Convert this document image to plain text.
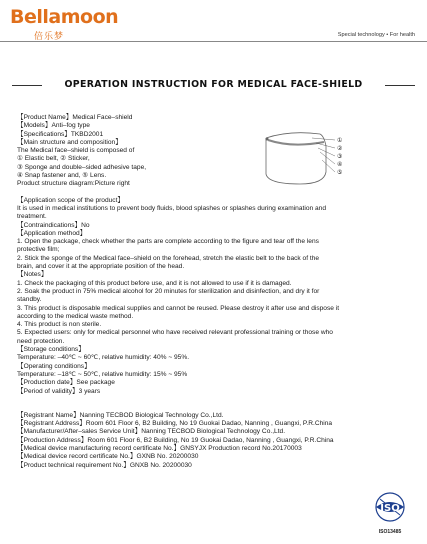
Bellamoon
倍乐梦	Special technology • For health
OPERATION INSTRUCTION FOR MEDICAL FACE-SHIELD
【Product Name】Medical Face–shield
【Models】Anti–fog type
【Specifications】TKBD2001
【Main structure and composition】
The Medical face–shield is composed of
① Elastic belt, ② Sticker,
③ Sponge and double–sided adhesive tape,
④ Snap fastener and, ⑤ Lens.
Product structure diagram:Picture right
【Application scope of the product】
It is used in medical institutions to prevent body fluids, blood splashes or splashes during examination and
treatment.
【Contraindications】No
【Application method】
1. Open the package, check whether the parts are complete according to the figure and tear off the lens
protective film;
2. Stick the sponge of the Medical face–shield on the forehead, stretch the elastic belt to the back of the
brain, and cover it at the appropriate position of the head.
【Notes】
1. Check the packaging of this product before use, and it is not allowed to use if it is damaged.
2. Soak the product in 75% medical alcohol for 20 minutes for sterilization and disinfection, and dry it for
standby.
3. This product is disposable medical supplies and cannot be reused. Please destroy it after use and dispose it
according to the medical waste method.
4. This product is non sterile.
5. Expected users: only for medical personnel who have received relevant professional training or those who
need protection.
【Storage conditions】
Temperature: –40℃ ~ 60℃, relative humidity: 40% ~ 95%.
【Operating conditions】
Temperature: –18℃ ~ 50℃, relative humidity: 15% ~ 95%
【Production date】See package
【Period of validity】3 years
【Registrant Name】Nanning TECBOD Biological Technology Co.,Ltd.
【Registrant Address】Room 601 Floor 6, B2 Building, No 19 Guokai Dadao, Nanning , Guangxi, P.R.China
【Manufacturer/After–sales Service Unit】Nanning TECBOD Biological Technology Co.,Ltd.
【Production Address】Room 601 Floor 6, B2 Building, No 19 Guokai Dadao, Nanning , Guangxi, P.R.China
【Medical device manufacturing record certificate No.】GNSYJX Production record No.20170003
【Medical device record certificate No.】GXNB No. 20200030
【Product technical requirement No.】GNXB No. 20200030
①
②
③
④
⑤
ISO
ISO13485
